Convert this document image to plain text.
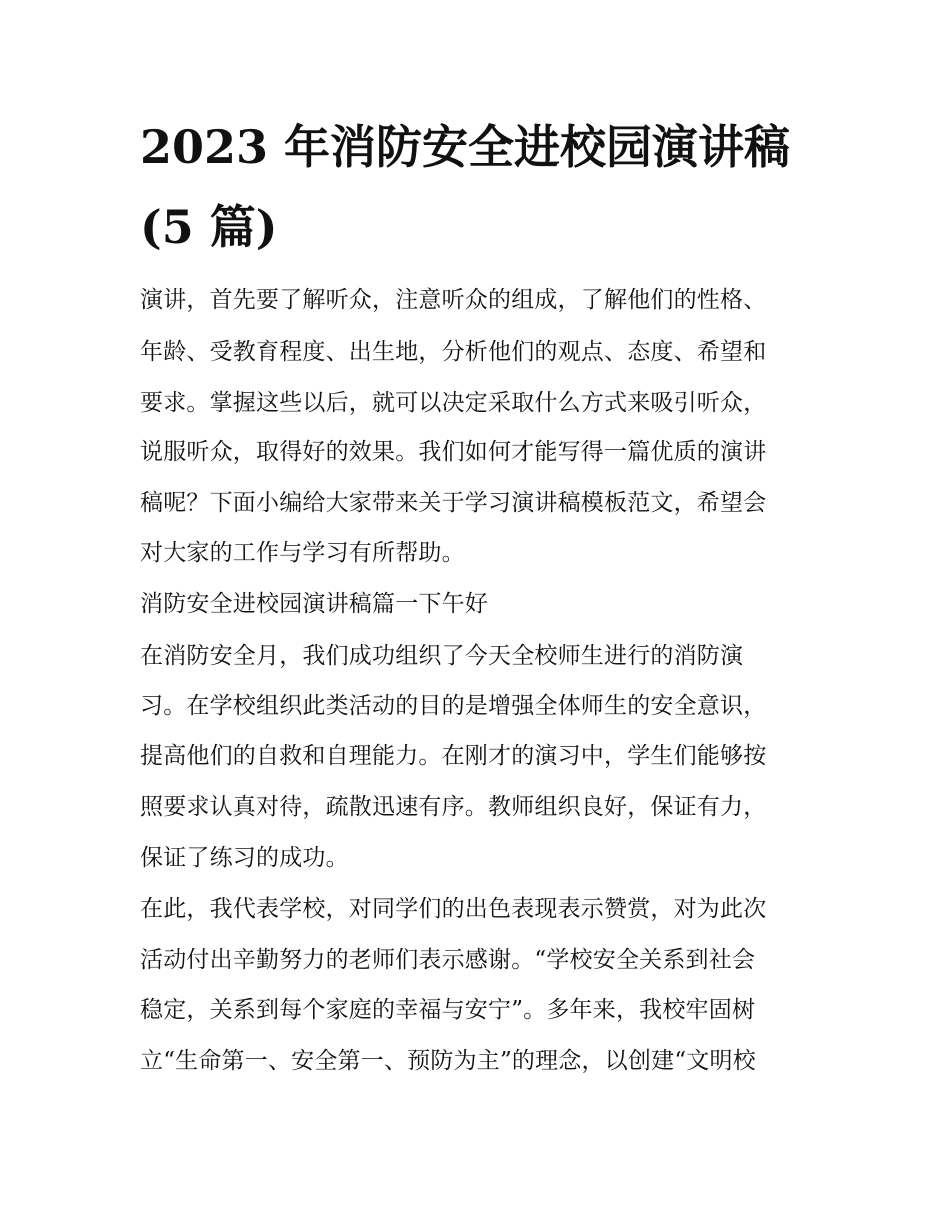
2023 年消防安全进校园演讲稿
(5 篇)
演讲，首先要了解听众，注意听众的组成，了解他们的性格、
年龄、受教育程度、出生地，分析他们的观点、态度、希望和
要求。掌握这些以后，就可以决定采取什么方式来吸引听众，
说服听众，取得好的效果。我们如何才能写得一篇优质的演讲
稿呢？下面小编给大家带来关于学习演讲稿模板范文，希望会
对大家的工作与学习有所帮助。
消防安全进校园演讲稿篇一下午好
在消防安全月，我们成功组织了今天全校师生进行的消防演
习。在学校组织此类活动的目的是增强全体师生的安全意识，
提高他们的自救和自理能力。在刚才的演习中，学生们能够按
照要求认真对待，疏散迅速有序。教师组织良好，保证有力，
保证了练习的成功。
在此，我代表学校，对同学们的出色表现表示赞赏，对为此次
活动付出辛勤努力的老师们表示感谢。“学校安全关系到社会
稳定，关系到每个家庭的幸福与安宁”。多年来，我校牢固树
立“生命第一、安全第一、预防为主”的理念，以创建“文明校
